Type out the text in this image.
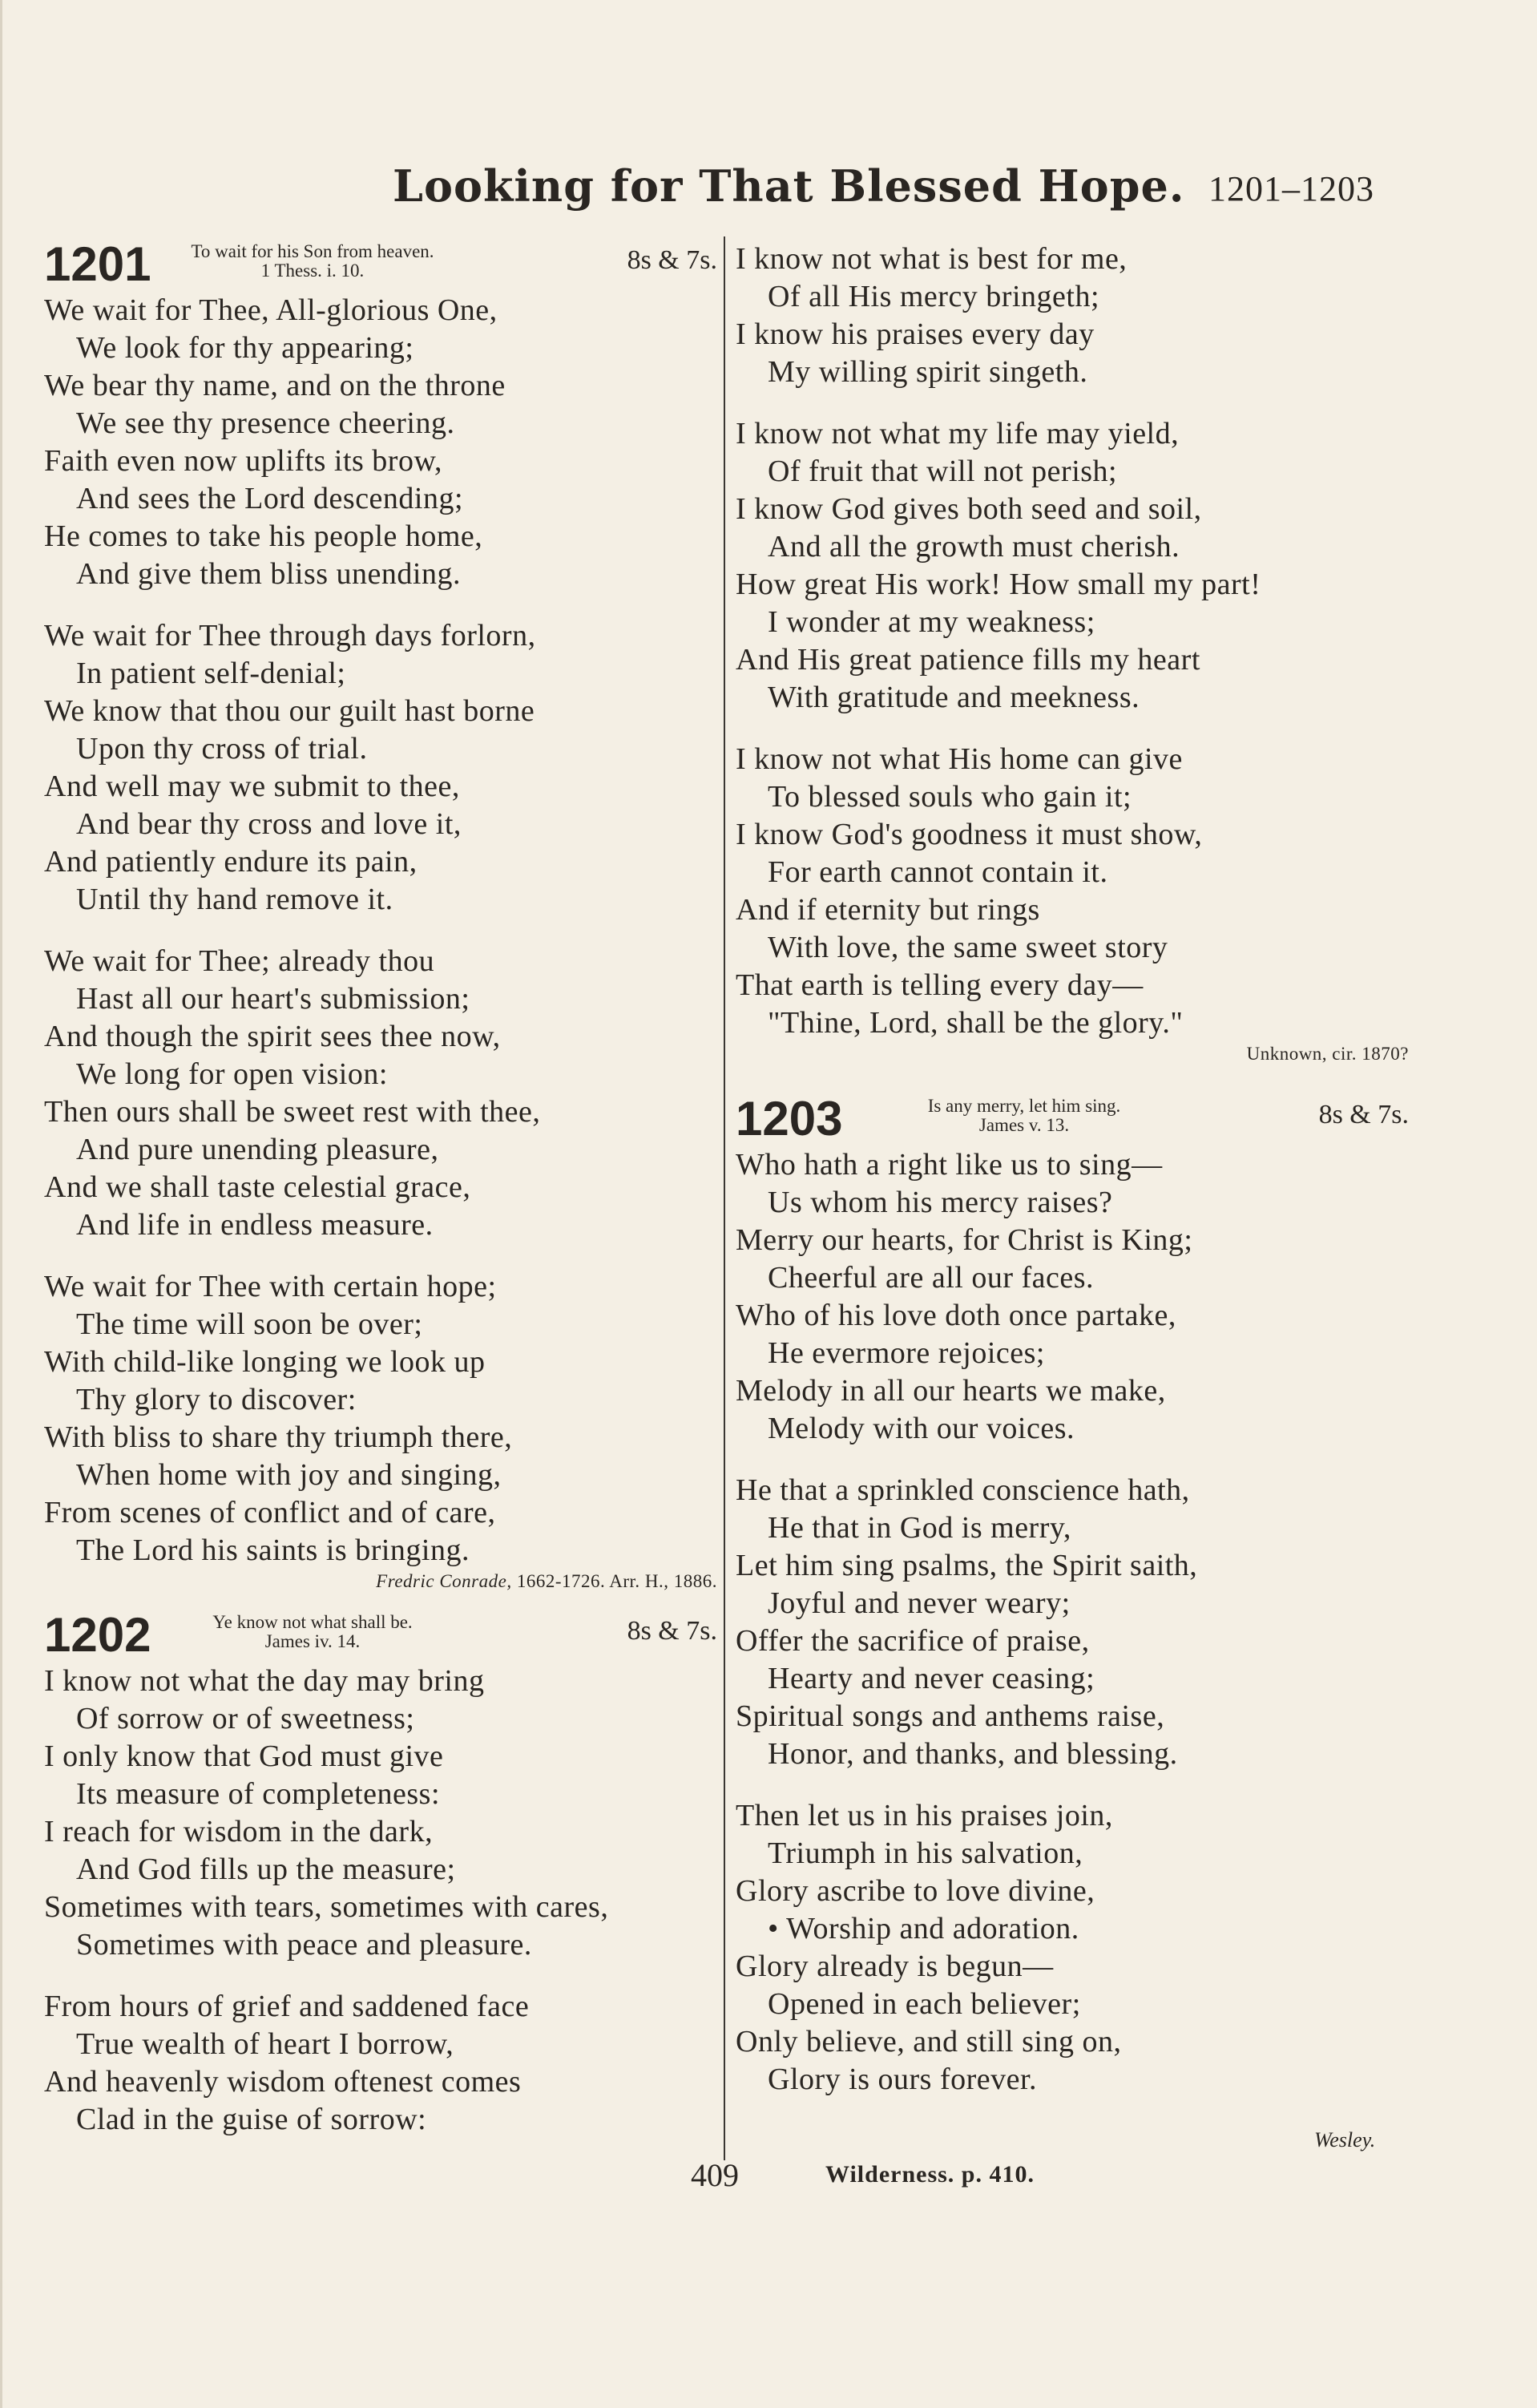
Looking for That Blessed Hope. 1201–1203
1201 To wait for his Son from heaven.
1 Thess. i. 10.	8s & 7s.
We wait for Thee, All-glorious One,
We look for thy appearing;
We bear thy name, and on the throne
We see thy presence cheering.
Faith even now uplifts its brow,
And sees the Lord descending;
He comes to take his people home,
And give them bliss unending.
We wait for Thee through days forlorn,
In patient self-denial;
We know that thou our guilt hast borne
Upon thy cross of trial.
And well may we submit to thee,
And bear thy cross and love it,
And patiently endure its pain,
Until thy hand remove it.
We wait for Thee; already thou
Hast all our heart's submission;
And though the spirit sees thee now,
We long for open vision:
Then ours shall be sweet rest with thee,
And pure unending pleasure,
And we shall taste celestial grace,
And life in endless measure.
We wait for Thee with certain hope;
The time will soon be over;
With child-like longing we look up
Thy glory to discover:
With bliss to share thy triumph there,
When home with joy and singing,
From scenes of conflict and of care,
The Lord his saints is bringing.
Fredric Conrade, 1662-1726. Arr. H., 1886.
1202	Ye know not what shall be.
James iv. 14.	8s & 7s.
I know not what the day may bring
Of sorrow or of sweetness;
I only know that God must give
Its measure of completeness:
I reach for wisdom in the dark,
And God fills up the measure;
Sometimes with tears, sometimes with cares,
Sometimes with peace and pleasure.
From hours of grief and saddened face
True wealth of heart I borrow,
And heavenly wisdom oftenest comes
Clad in the guise of sorrow:
I know not what is best for me,
Of all His mercy bringeth;
I know his praises every day
My willing spirit singeth.
I know not what my life may yield,
Of fruit that will not perish;
I know God gives both seed and soil,
And all the growth must cherish.
How great His work! How small my part!
I wonder at my weakness;
And His great patience fills my heart
With gratitude and meekness.
I know not what His home can give
To blessed souls who gain it;
I know God's goodness it must show,
For earth cannot contain it.
And if eternity but rings
With love, the same sweet story
That earth is telling every day—
"Thine, Lord, shall be the glory."
Unknown, cir. 1870?
1203	Is any merry, let him sing.
James v. 13.	8s & 7s.
Who hath a right like us to sing—
Us whom his mercy raises?
Merry our hearts, for Christ is King;
Cheerful are all our faces.
Who of his love doth once partake,
He evermore rejoices;
Melody in all our hearts we make,
Melody with our voices.
He that a sprinkled conscience hath,
He that in God is merry,
Let him sing psalms, the Spirit saith,
Joyful and never weary;
Offer the sacrifice of praise,
Hearty and never ceasing;
Spiritual songs and anthems raise,
Honor, and thanks, and blessing.
Then let us in his praises join,
Triumph in his salvation,
Glory ascribe to love divine,
• Worship and adoration.
Glory already is begun—
Opened in each believer;
Only believe, and still sing on,
Glory is ours forever.
Wesley.
409	Wilderness. p. 410.
